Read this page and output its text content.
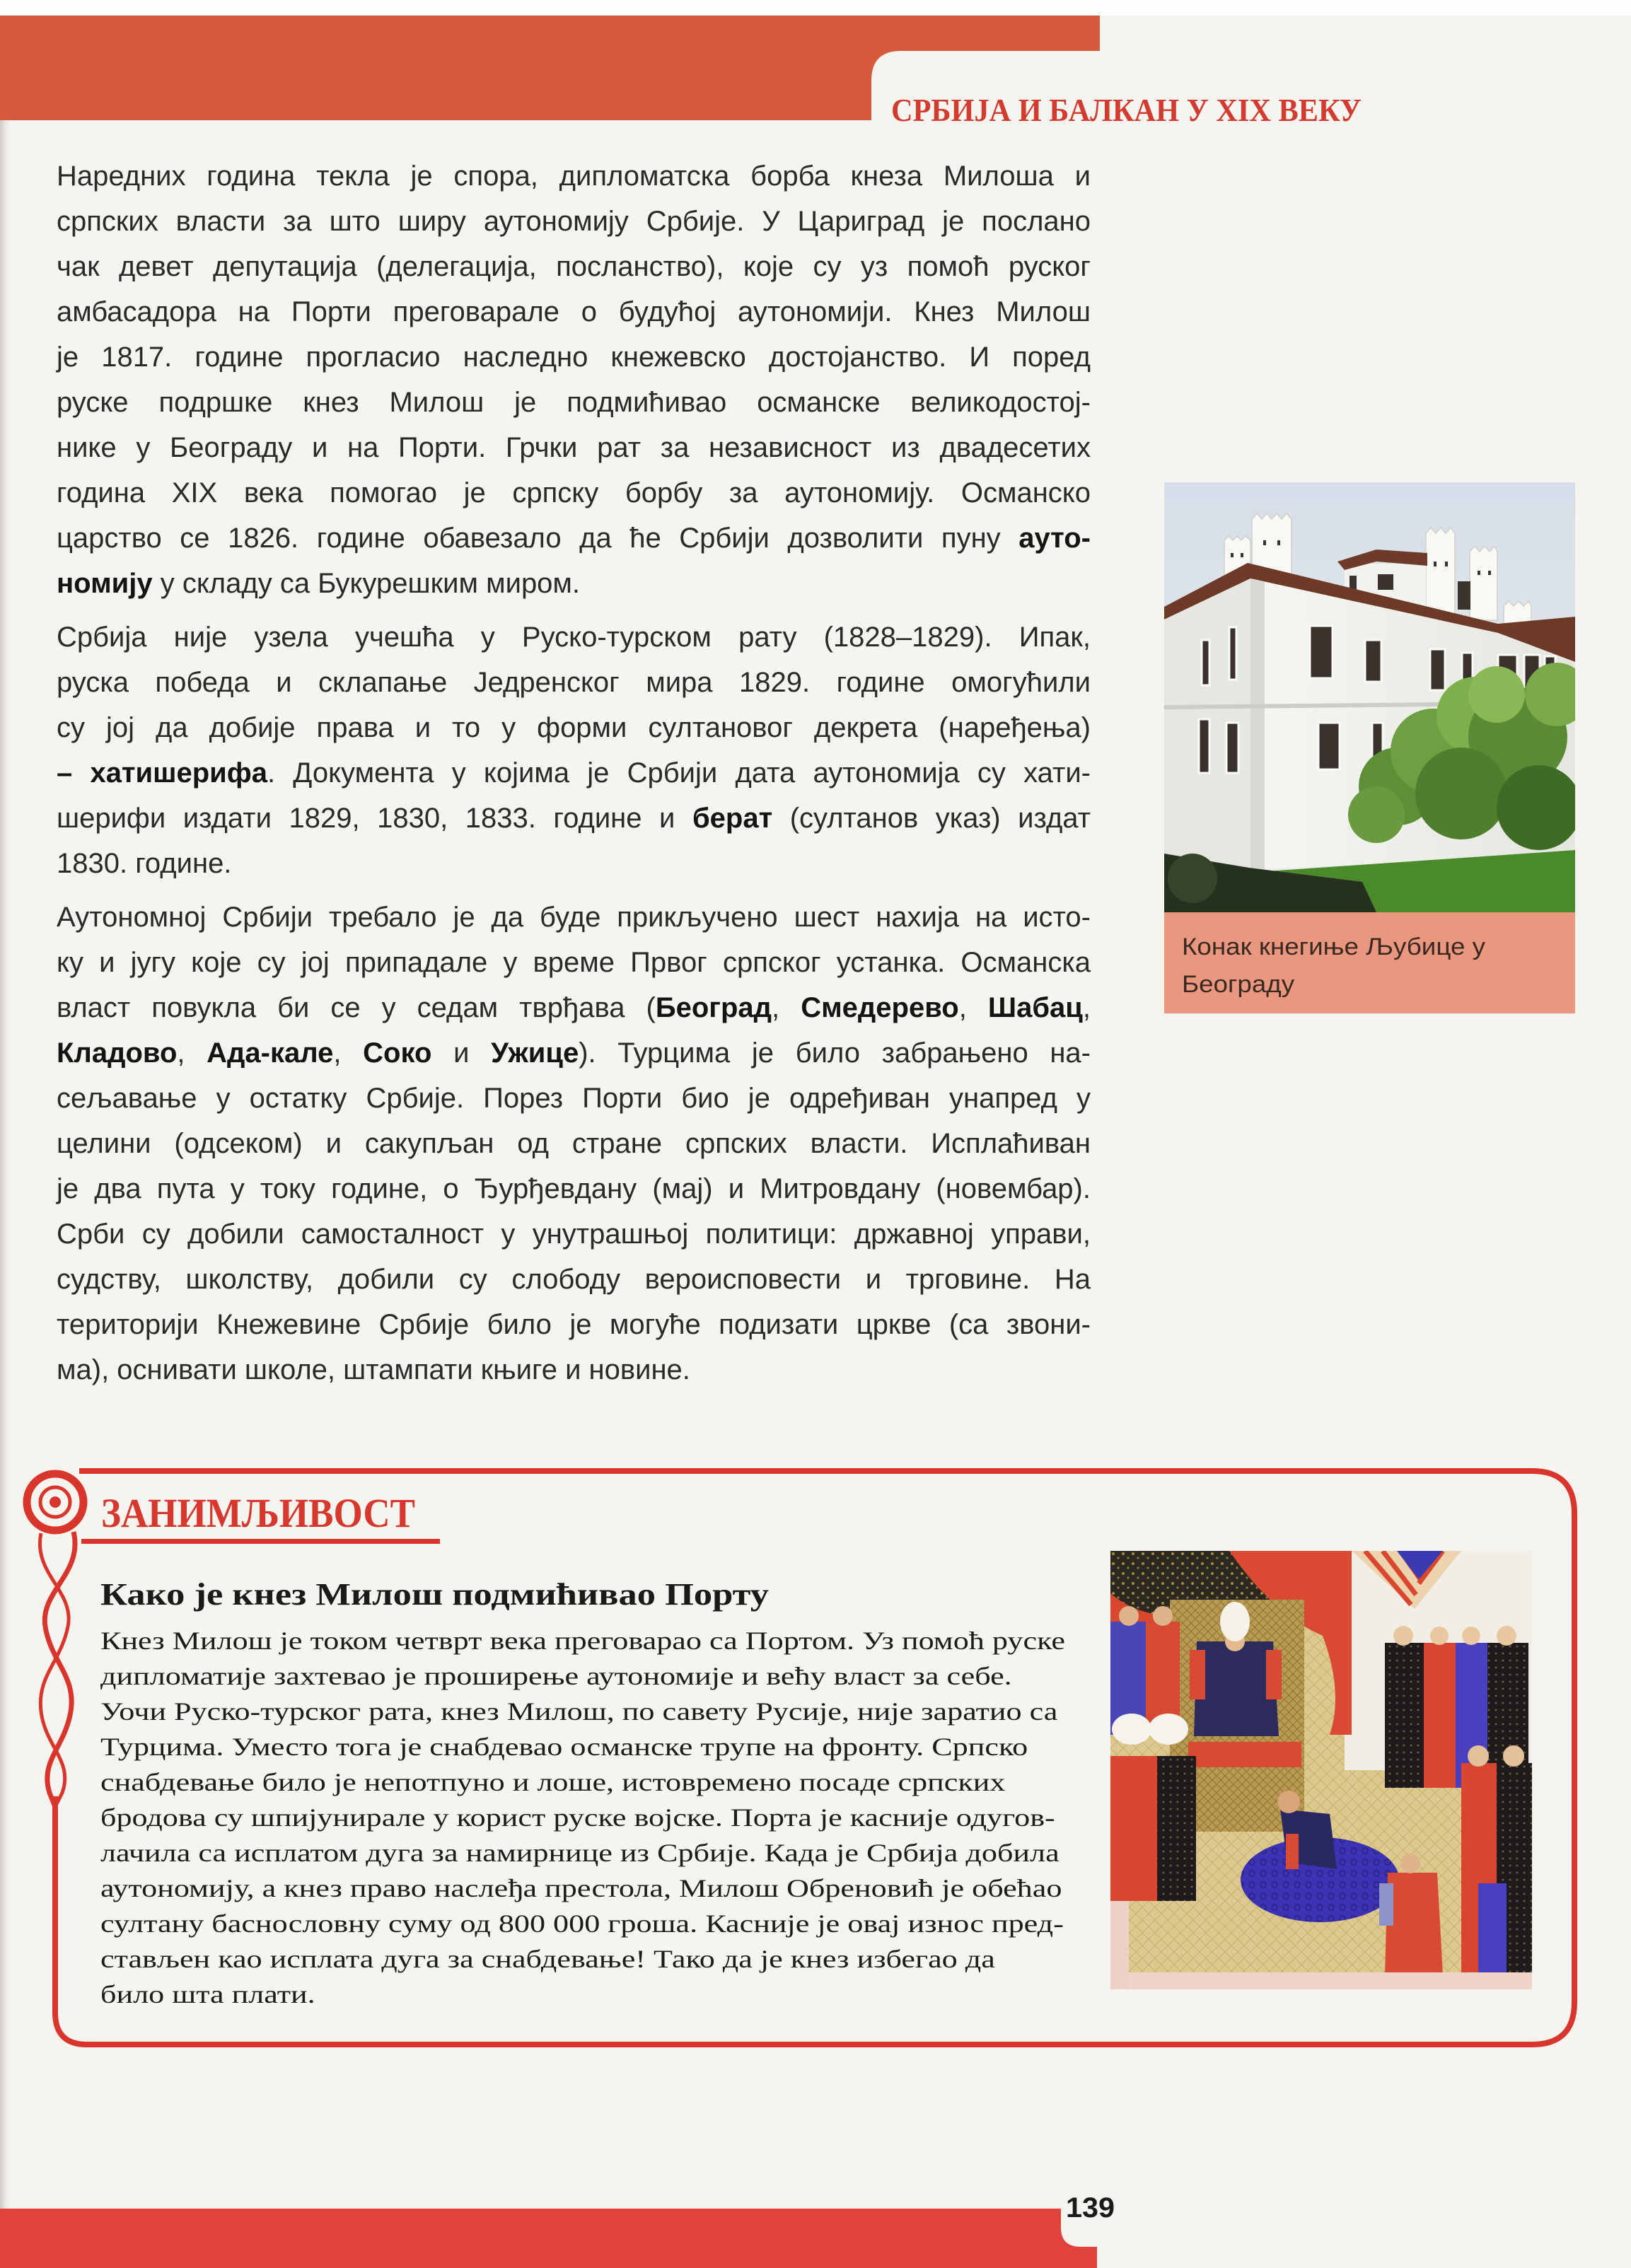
СРБИЈА И БАЛКАН У XIX ВЕКУ
Наредних година текла је спора, дипломатска борба кнеза Милоша и
српских власти за што ширу аутономију Србије. У Цариград је послано
чак девет депутација (делегација, посланство), које су уз помоћ руског
амбасадора на Порти преговарале о будућој аутономији. Кнез Милош
је 1817. године прогласио наследно кнежевско достојанство. И поред
руске подршке кнез Милош је подмићивао османске великодостој-
нике у Београду и на Порти. Грчки рат за независност из двадесетих
година XIX века помогао је српску борбу за аутономију. Османско
царство се 1826. године обавезало да ће Србији дозволити пуну ауто-
номију у складу са Букурешким миром.
Србија није узела учешћа у Руско-турском рату (1828–1829). Ипак,
руска победа и склапање Једренског мира 1829. године омогућили
су јој да добије права и то у форми султановог декрета (наређења)
– хатишерифа. Документа у којима је Србији дата аутономија су хати-
шерифи издати 1829, 1830, 1833. године и берат (султанов указ) издат
1830. године.
Аутономној Србији требало је да буде прикључено шест нахија на исто-
ку и југу које су јој припадале у време Првог српског устанка. Османска
власт повукла би се у седам тврђава (Београд, Смедерево, Шабац,
Кладово, Ада-кале, Соко и Ужице). Турцима је било забрањено на-
сељавање у остатку Србије. Порез Порти био је одређиван унапред у
целини (одсеком) и сакупљан од стране српских власти. Исплаћиван
је два пута у току године, о Ђурђевдану (мај) и Митровдану (новембар).
Срби су добили самосталност у унутрашњој политици: државној управи,
судству, школству, добили су слободу вероисповести и трговине. На
територији Кнежевине Србије било је могуће подизати цркве (са звони-
ма), оснивати школе, штампати књиге и новине.
Конак кнегиње Љубице у
Београду
ЗАНИМЉИВОСТ
Како је кнез Милош подмићивао Порту
Кнез Милош је током четврт века преговарао са Портом. Уз помоћ руске
дипломатије захтевао је проширење аутономије и већу власт за себе.
Уочи Руско-турског рата, кнез Милош, по савету Русије, није заратио са
Турцима. Уместо тога је снабдевао османске трупе на фронту. Српско
снабдевање било је непотпуно и лоше, истовремено посаде српских
бродова су шпијунирале у корист руске војске. Порта је касније одугов-
лачила са исплатом дуга за намирнице из Србије. Када је Србија добила
аутономију, а кнез право наслеђа престола, Милош Обреновић је обећао
султану баснословну суму од 800 000 гроша. Касније је овај износ пред-
стављен као исплата дуга за снабдевање! Тако да је кнез избегао да
било шта плати.
139
